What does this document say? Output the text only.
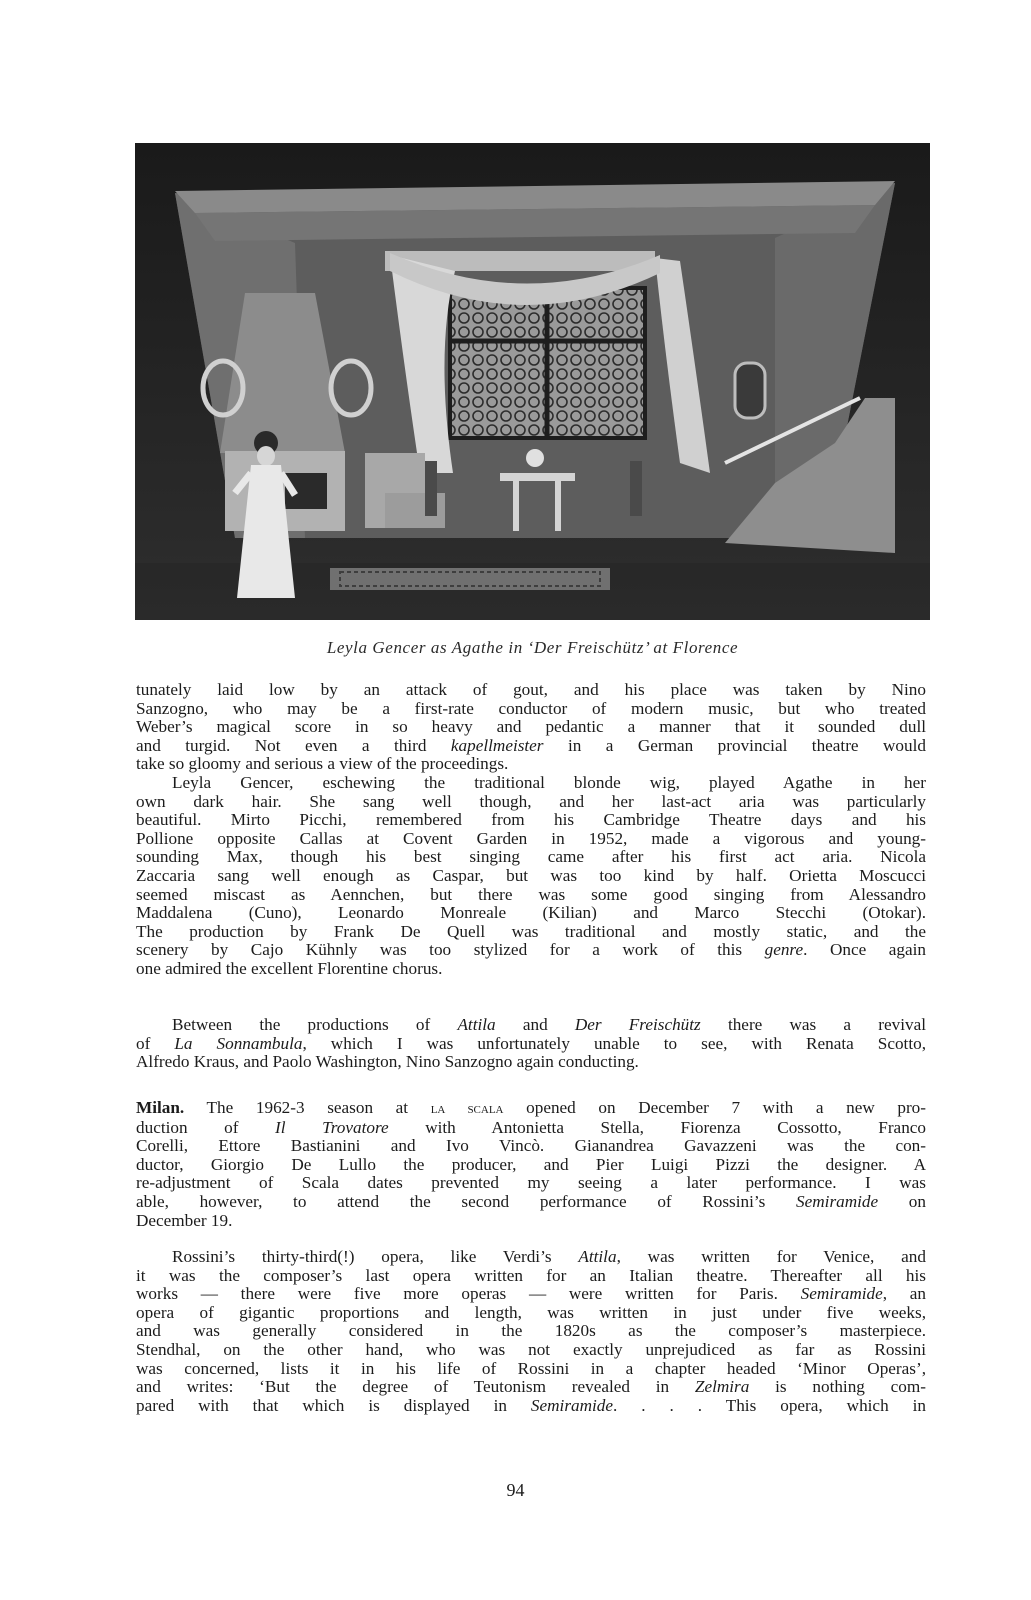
Leyla Gencer as Agathe in ‘Der Freischütz’ at Florence

tunately laid low by an attack of gout, and his place was taken by Nino

Sanzogno, who may be a first-rate conductor of modern music, but who treated

Weber’s magical score in so heavy and pedantic a manner that it sounded dull

and turgid. Not even a third kapellmeister in a German provincial theatre would

take so gloomy and serious a view of the proceedings.

Leyla Gencer, eschewing the traditional blonde wig, played Agathe in her

own dark hair. She sang well though, and her last-act aria was particularly

beautiful. Mirto Picchi, remembered from his Cambridge Theatre days and his

Pollione opposite Callas at Covent Garden in 1952, made a vigorous and young-

sounding Max, though his best singing came after his first act aria. Nicola

Zaccaria sang well enough as Caspar, but was too kind by half. Orietta Moscucci

seemed miscast as Aennchen, but there was some good singing from Alessandro

Maddalena (Cuno), Leonardo Monreale (Kilian) and Marco Stecchi (Otokar).

The production by Frank De Quell was traditional and mostly static, and the

scenery by Cajo Kühnly was too stylized for a work of this genre. Once again

one admired the excellent Florentine chorus.

Between the productions of Attila and Der Freischütz there was a revival

of La Sonnambula, which I was unfortunately unable to see, with Renata Scotto,

Alfredo Kraus, and Paolo Washington, Nino Sanzogno again conducting.

Milan. The 1962-3 season at la scala opened on December 7 with a new pro-

duction of Il Trovatore with Antonietta Stella, Fiorenza Cossotto, Franco

Corelli, Ettore Bastianini and Ivo Vincò. Gianandrea Gavazzeni was the con-

ductor, Giorgio De Lullo the producer, and Pier Luigi Pizzi the designer. A

re-adjustment of Scala dates prevented my seeing a later performance. I was

able, however, to attend the second performance of Rossini’s Semiramide on

December 19.

Rossini’s thirty-third(!) opera, like Verdi’s Attila, was written for Venice, and

it was the composer’s last opera written for an Italian theatre. Thereafter all his

works — there were five more operas — were written for Paris. Semiramide, an

opera of gigantic proportions and length, was written in just under five weeks,

and was generally considered in the 1820s as the composer’s masterpiece.

Stendhal, on the other hand, who was not exactly unprejudiced as far as Rossini

was concerned, lists it in his life of Rossini in a chapter headed ‘Minor Operas’,

and writes: ‘But the degree of Teutonism revealed in Zelmira is nothing com-

pared with that which is displayed in Semiramide. . . . This opera, which in

94
